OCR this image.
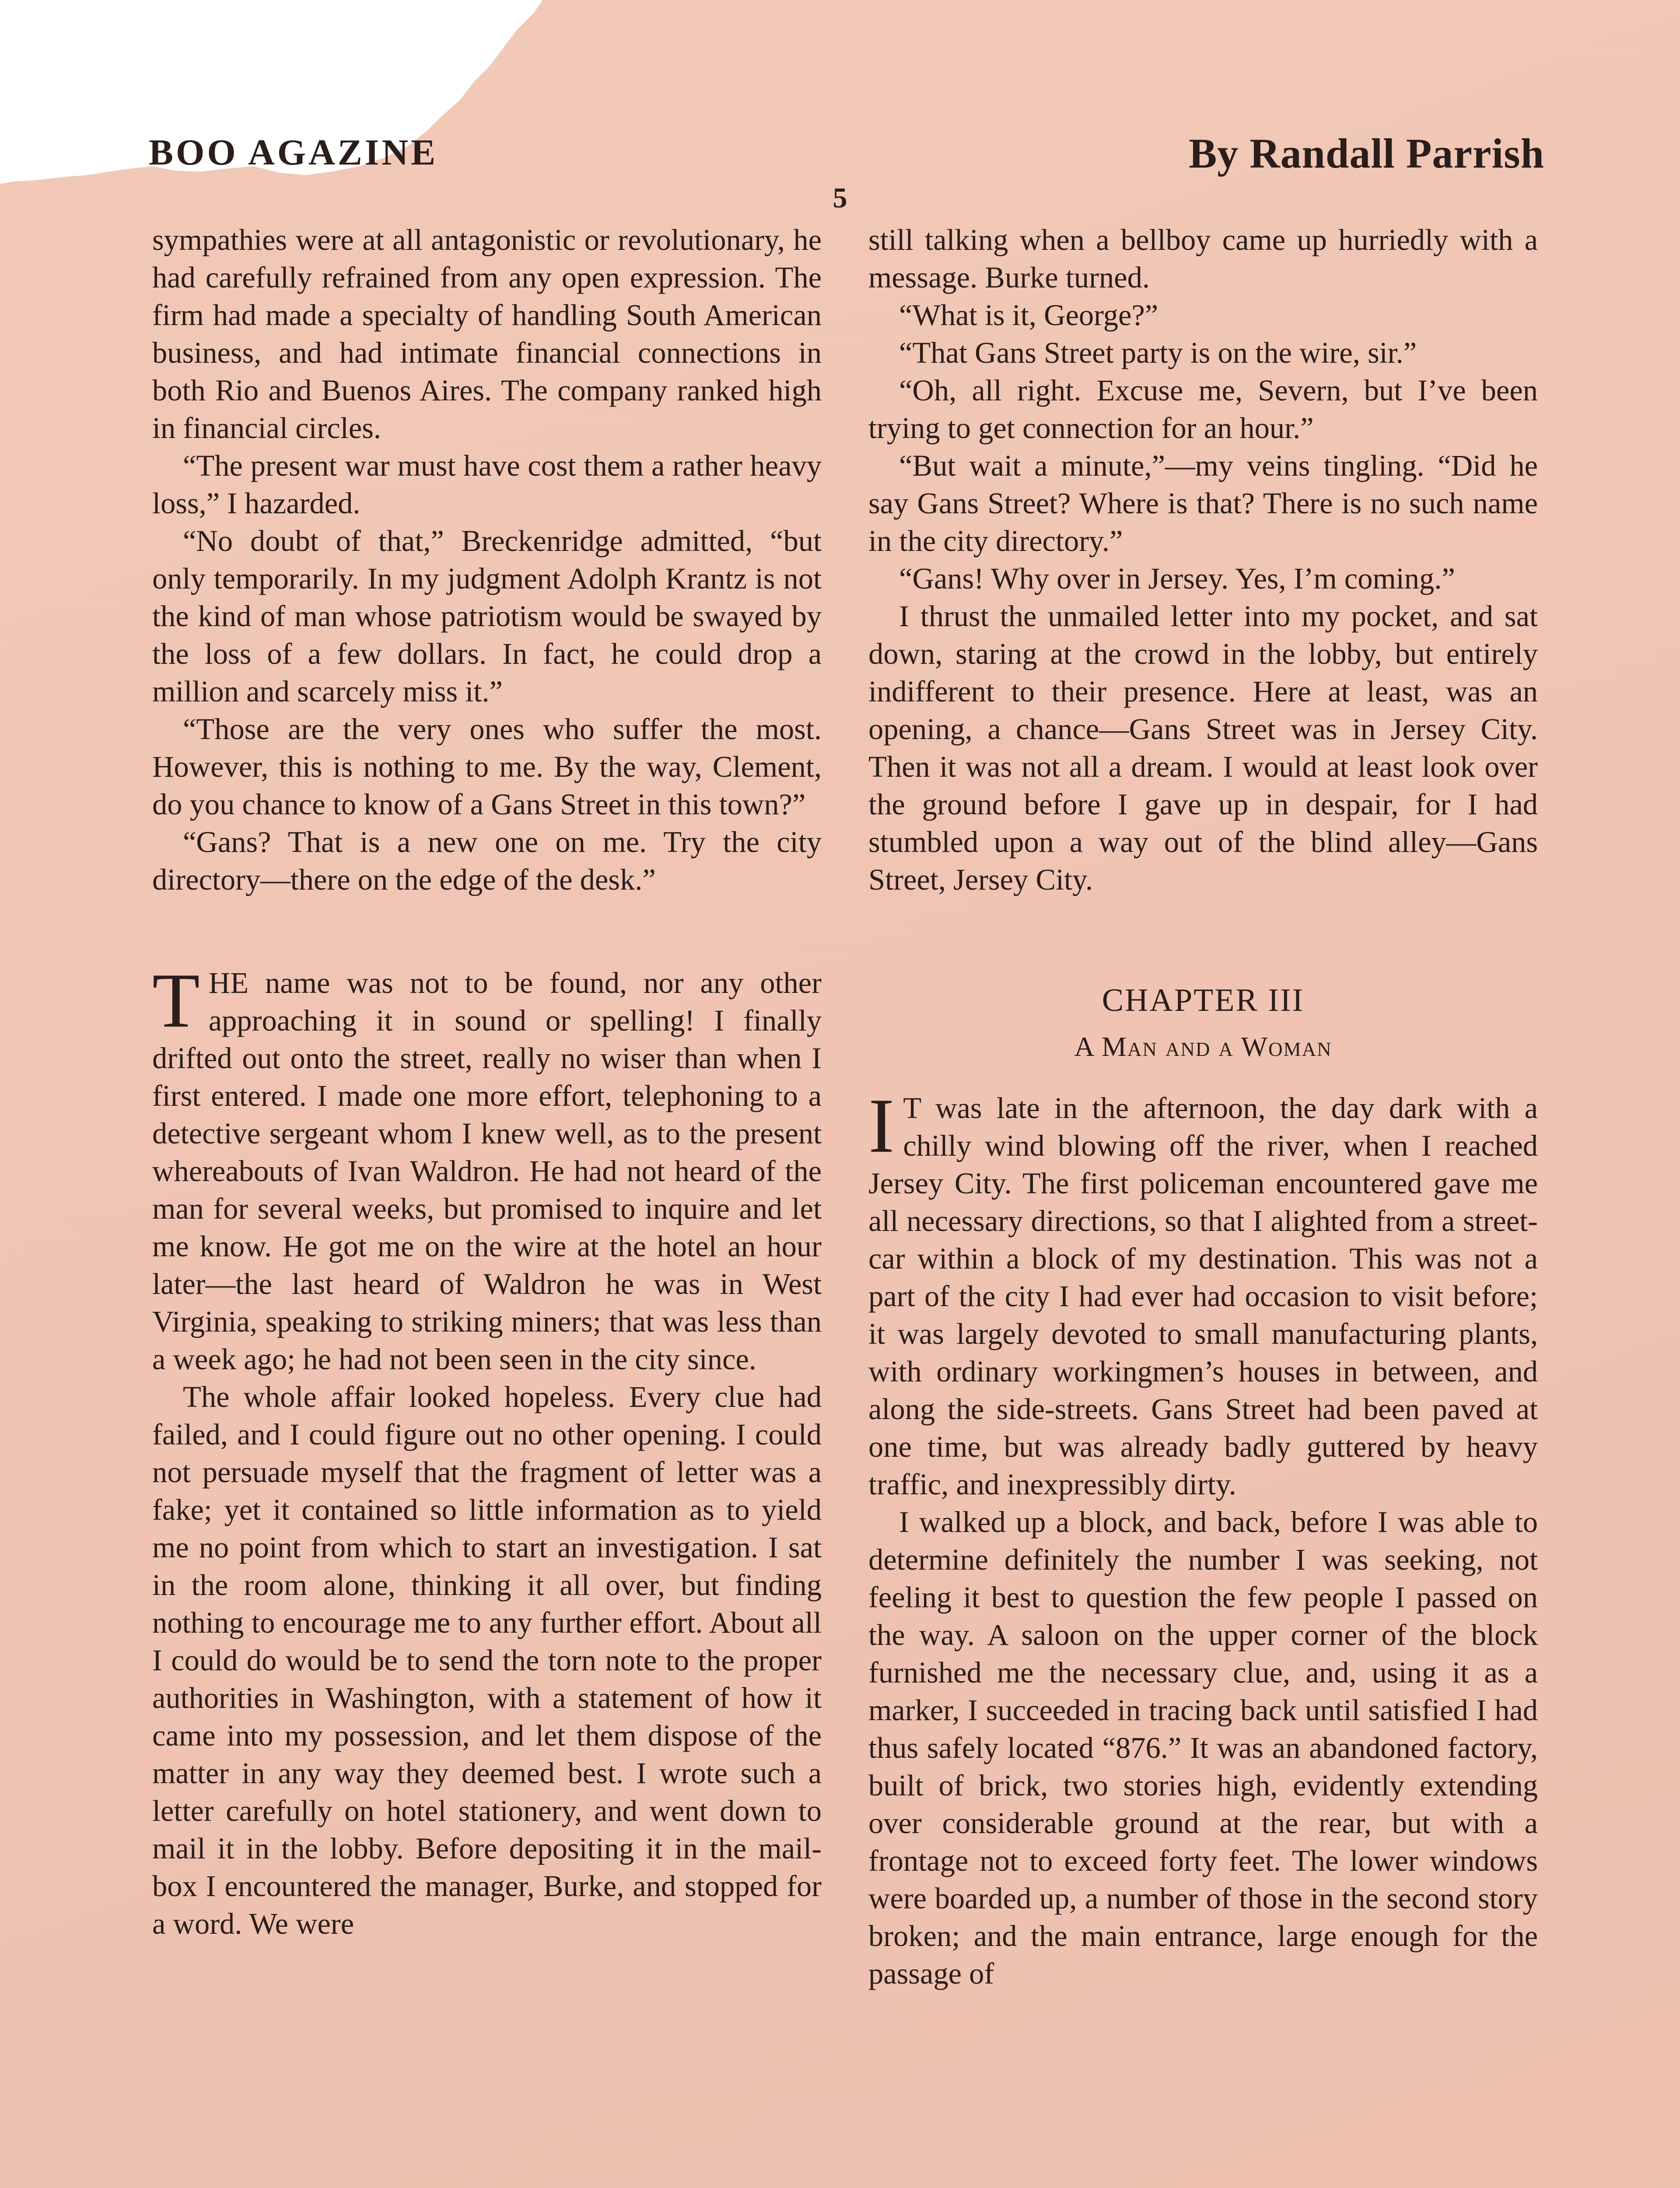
BOO AGAZINE	By Randall Parrish
5

sympathies were at all antagonistic or revolutionary, he had carefully refrained from any open expression. The firm had made a specialty of handling South American business, and had intimate financial connections in both Rio and Buenos Aires. The company ranked high in financial circles.

“The present war must have cost them a rather heavy loss,” I hazarded.

“No doubt of that,” Breckenridge admitted, “but only temporarily. In my judgment Adolph Krantz is not the kind of man whose patriotism would be swayed by the loss of a few dollars. In fact, he could drop a million and scarcely miss it.”

“Those are the very ones who suffer the most. However, this is nothing to me. By the way, Clement, do you chance to know of a Gans Street in this town?”

“Gans? That is a new one on me. Try the city directory—there on the edge of the desk.”

THE name was not to be found, nor any other approaching it in sound or spelling! I finally drifted out onto the street, really no wiser than when I first entered. I made one more effort, telephoning to a detective sergeant whom I knew well, as to the present whereabouts of Ivan Waldron. He had not heard of the man for several weeks, but promised to inquire and let me know. He got me on the wire at the hotel an hour later—the last heard of Waldron he was in West Virginia, speaking to striking miners; that was less than a week ago; he had not been seen in the city since.

The whole affair looked hopeless. Every clue had failed, and I could figure out no other opening. I could not persuade myself that the fragment of letter was a fake; yet it contained so little information as to yield me no point from which to start an investigation. I sat in the room alone, thinking it all over, but finding nothing to encourage me to any further effort. About all I could do would be to send the torn note to the proper authorities in Washington, with a statement of how it came into my possession, and let them dispose of the matter in any way they deemed best. I wrote such a letter carefully on hotel stationery, and went down to mail it in the lobby. Before depositing it in the mail-box I encountered the manager, Burke, and stopped for a word. We were

still talking when a bellboy came up hurriedly with a message. Burke turned.

“What is it, George?”

“That Gans Street party is on the wire, sir.”

“Oh, all right. Excuse me, Severn, but I’ve been trying to get connection for an hour.”

“But wait a minute,”—my veins tingling. “Did he say Gans Street? Where is that? There is no such name in the city directory.”

“Gans! Why over in Jersey. Yes, I’m coming.”

I thrust the unmailed letter into my pocket, and sat down, staring at the crowd in the lobby, but entirely indifferent to their presence. Here at least, was an opening, a chance—Gans Street was in Jersey City. Then it was not all a dream. I would at least look over the ground before I gave up in despair, for I had stumbled upon a way out of the blind alley—Gans Street, Jersey City.

CHAPTER III
A Man and a Woman

I T was late in the afternoon, the day dark with a chilly wind blowing off the river, when I reached Jersey City. The first policeman encountered gave me all necessary directions, so that I alighted from a street-car within a block of my destination. This was not a part of the city I had ever had occasion to visit before; it was largely devoted to small manufacturing plants, with ordinary workingmen’s houses in between, and along the side-streets. Gans Street had been paved at one time, but was already badly guttered by heavy traffic, and inexpressibly dirty.

I walked up a block, and back, before I was able to determine definitely the number I was seeking, not feeling it best to question the few people I passed on the way. A saloon on the upper corner of the block furnished me the necessary clue, and, using it as a marker, I succeeded in tracing back until satisfied I had thus safely located “876.” It was an abandoned factory, built of brick, two stories high, evidently extending over considerable ground at the rear, but with a frontage not to exceed forty feet. The lower windows were boarded up, a number of those in the second story broken; and the main entrance, large enough for the passage of
